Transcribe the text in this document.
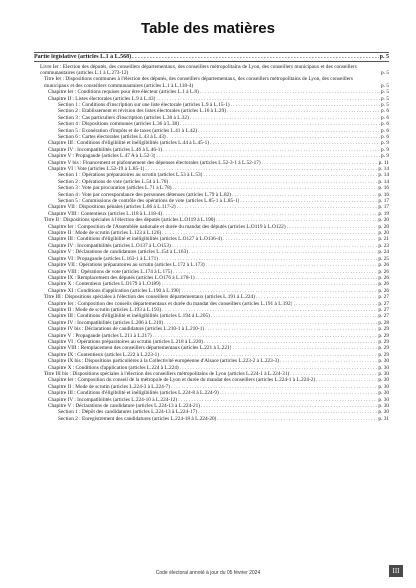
Table des matières
Partie législative (articles L.1 à L.568) . . .	p. 5
Livre Ier : Election des députés, des conseillers départementaux, des conseillers métropolitains de Lyon, des conseillers municipaux et des conseillers communautaires (articles L.1 à L.273-12)	p. 5
Titre Ier : Dispositions communes à l'élection des députés, des conseillers départementaux, des conseillers métropolitains de Lyon, des conseillers municipaux et des conseillers communautaires (articles L.1 à L.118-4)	p. 5
Chapitre Ier : Conditions requises pour être électeur (articles L.1 à L.8) . . .	p. 5
Chapitre II : Listes électorales (articles L.9 à L.43) . . .	p. 5
Section 1 : Conditions d'inscription sur une liste électorale (articles L.9 à L.15-1) . . .	p. 5
Section 2 : Etablissement et révision des listes électorales (articles L.16 à L.29) . . .	p. 6
Section 3 : Cas particuliers d'inscription (articles L.30 à L.32) . . .	p. 6
Section 4 : Dispositions communes (articles L.36 à L.38) . . .	p. 6
Section 5 : Exonération d'impôts et de taxes (articles L.41 à L.42) . . .	p. 6
Section 6 : Cartes électorales (articles L.43 à L.43) . . .	p. 6
Chapitre III : Conditions d'éligibilité et inéligibilités (articles L.44 à L.45-1) . . .	p. 9
Chapitre IV : Incompatibilités (articles L.46 à L.46-1) . . .	p. 9
Chapitre V : Propagande (articles L.47 A à L.52-3) . . .	p. 9
Chapitre V bis : Financement et plafonnement des dépenses électorales (articles L.52-3-1 à L.52-17) . . .	p. 11
Chapitre VI : Vote (articles L.52-19 à L.85-1) . . .	p. 14
Section 1 : Opérations préparatoires au scrutin (articles L.53 à L.53) . . .	p. 14
Section 2 : Opérations de vote (articles L.54 à L.70) . . .	p. 14
Section 3 : Vote par procuration (articles L.71 à L.78) . . .	p. 16
Section 4 : Vote par correspondance des personnes détenues (articles L.79 à L.82) . . .	p. 16
Section 5 : Commissions de contrôle des opérations de vote (articles L.85-1 à L.85-1) . . .	p. 17
Chapitre VII : Dispositions pénales (articles L.86 à L.117-2) . . .	p. 17
Chapitre VIII : Contentieux (articles L.118 à L.118-4) . . .	p. 19
Titre II : Dispositions spéciales à l'élection des députés (articles L.O119 à L.190) . . .	p. 20
Chapitre Ier : Composition de l'Assemblée nationale et durée du mandat des députés (articles L.O119 à L.O122) . . .	p. 20
Chapitre II : Mode de scrutin (articles L.123 à L.126) . . .	p. 20
Chapitre III : Conditions d'éligibilité et inéligibilités (articles L.O127 à L.O136-4) . . .	p. 21
Chapitre IV : Incompatibilités (articles L.O137 à L.O153) . . .	p. 23
Chapitre V : Déclarations de candidatures (articles L.154 à L.163) . . .	p. 24
Chapitre VI : Propagande (articles L.163-1 à L.171) . . .	p. 25
Chapitre VII : Opérations préparatoires au scrutin (articles L.172 à L.173) . . .	p. 26
Chapitre VIII : Opérations de vote (articles L.174 à L.175) . . .	p. 26
Chapitre IX : Remplacement des députés (articles L.O176 à L.178-1) . . .	p. 26
Chapitre X : Contentieux (articles L.O179 à L.O189) . . .	p. 26
Chapitre XI : Conditions d'application (articles L.190 à L.190) . . .	p. 26
Titre III : Dispositions spéciales à l'élection des conseillers départementaux (articles L.191 à L.224) . . .	p. 27
Chapitre Ier : Composition des conseils départementaux et durée du mandat des conseillers (articles L.191 à L.192) . . .	p. 27
Chapitre II : Mode de scrutin (articles L.193 à L.193) . . .	p. 27
Chapitre III : Conditions d'éligibilité et inéligibilités (articles L.194 à L.205) . . .	p. 27
Chapitre IV : Incompatibilités (articles L.206 à L.210) . . .	p. 28
Chapitre IV bis : Déclarations de candidature (articles L.210-1 à L.210-1) . . .	p. 29
Chapitre V : Propagande (articles L.211 à L.217) . . .	p. 29
Chapitre VI : Opérations préparatoires au scrutin (articles L.218 à L.220) . . .	p. 29
Chapitre VIII : Remplacement des conseillers départementaux (articles L.221 à L.221) . . .	p. 29
Chapitre IX : Contentieux (articles L.222 à L.223-1) . . .	p. 29
Chapitre IX bis : Dispositions particulières à la Collectivité européenne d'Alsace (articles L.223-2 à L.223-3) . . .	p. 30
Chapitre X : Conditions d'application (articles L.224 à L.224) . . .	p. 30
Titre III bis : Dispositions spéciales à l'élection des conseillers métropolitains de Lyon (articles L.224-1 à L.224-31) . . .	p. 30
Chapitre Ier : Composition du conseil de la métropole de Lyon et durée du mandat des conseillers (articles L.224-1 à L.224-2) . . .	p. 30
Chapitre II : Mode de scrutin (articles L.224-3 à L.224-7) . . .	p. 30
Chapitre III : Conditions d'éligibilité et inéligibilités (articles L.224-8 à L.224-9) . . .	p. 30
Chapitre IV : Incompatibilités (articles L.224-10 à L.224-12) . . .	p. 30
Chapitre V : Déclarations de candidature (articles L.224-13 à L.224-21) . . .	p. 30
Section 1 : Dépôt des candidatures (articles L.224-13 à L.224-17) . . .	p. 30
Section 2 : Enregistrement des candidatures (articles L.224-18 à L.224-20) . . .	p. 31
Code électoral annoté à jour du 05 février 2024	III
